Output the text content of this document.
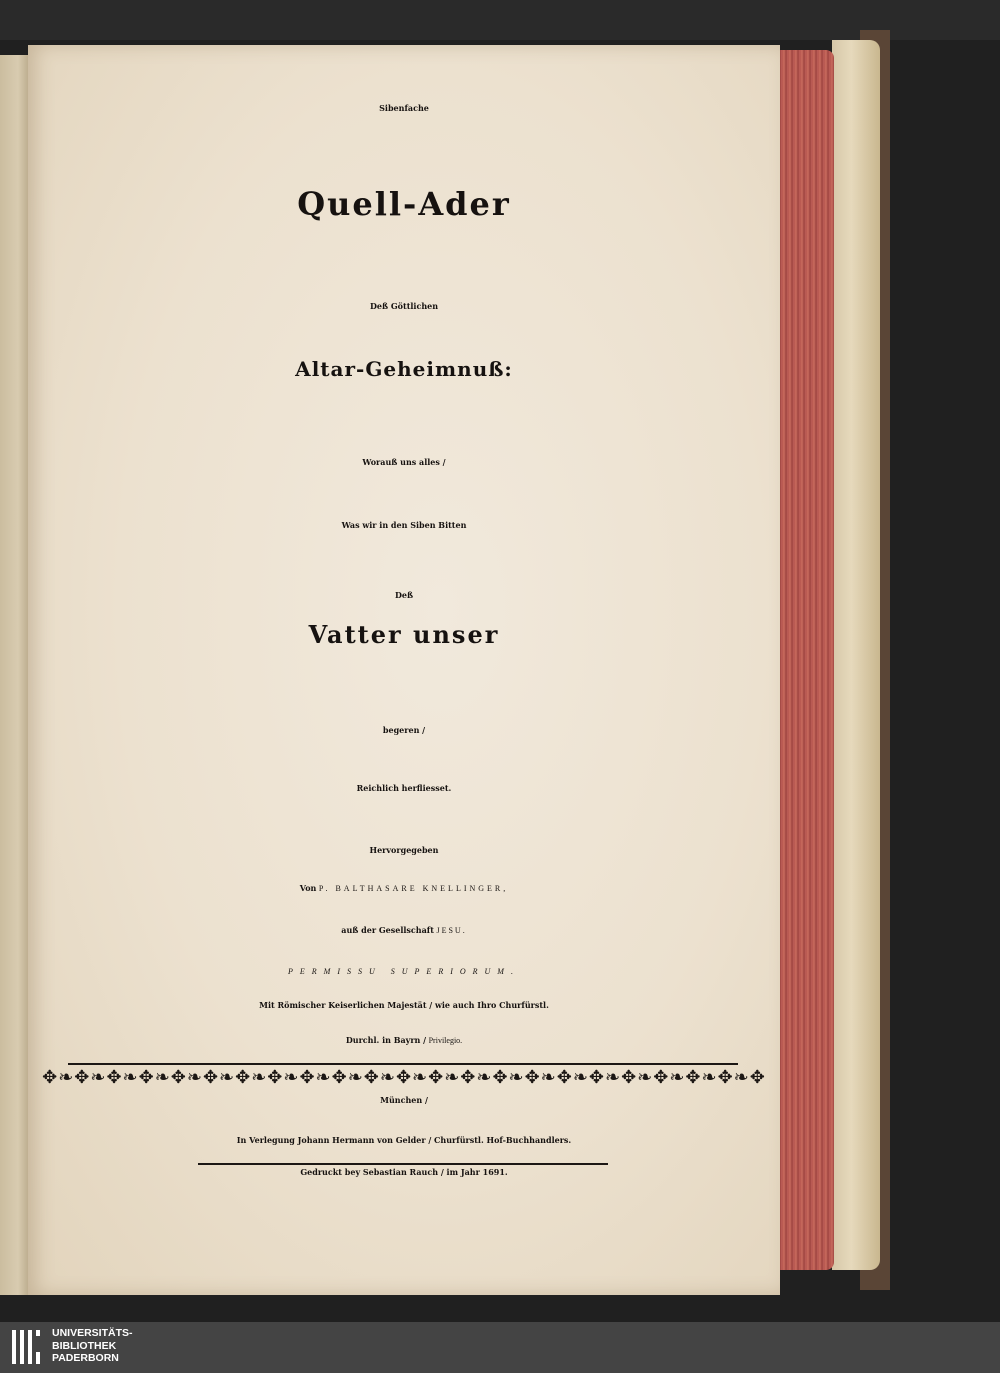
Sibenfache
Quell-Ader
Deß Göttlichen
Altar-Geheimnuß:
Worauß uns alles /
Was wir in den Siben Bitten
Deß
Vatter unser
begeren /
Reichlich herfliesset.
Hervorgegeben
Von P. BALTHASARE KNELLINGER,
auß der Gesellschaft JESU.
PERMISSU SUPERIORUM.
Mit Römischer Keiserlichen Majestät / wie auch Ihro Churfürstl.
Durchl. in Bayrn / Privilegio.
✥❧✥❧✥❧✥❧✥❧✥❧✥❧✥❧✥❧✥❧✥❧✥❧✥❧✥❧✥❧✥❧✥❧✥❧✥❧✥❧✥❧✥❧✥
München /
In Verlegung Johann Hermann von Gelder / Churfürstl. Hof-Buchhandlers.
Gedruckt bey Sebastian Rauch / im Jahr 1691.
UNIVERSITÄTS-
BIBLIOTHEK
PADERBORN
